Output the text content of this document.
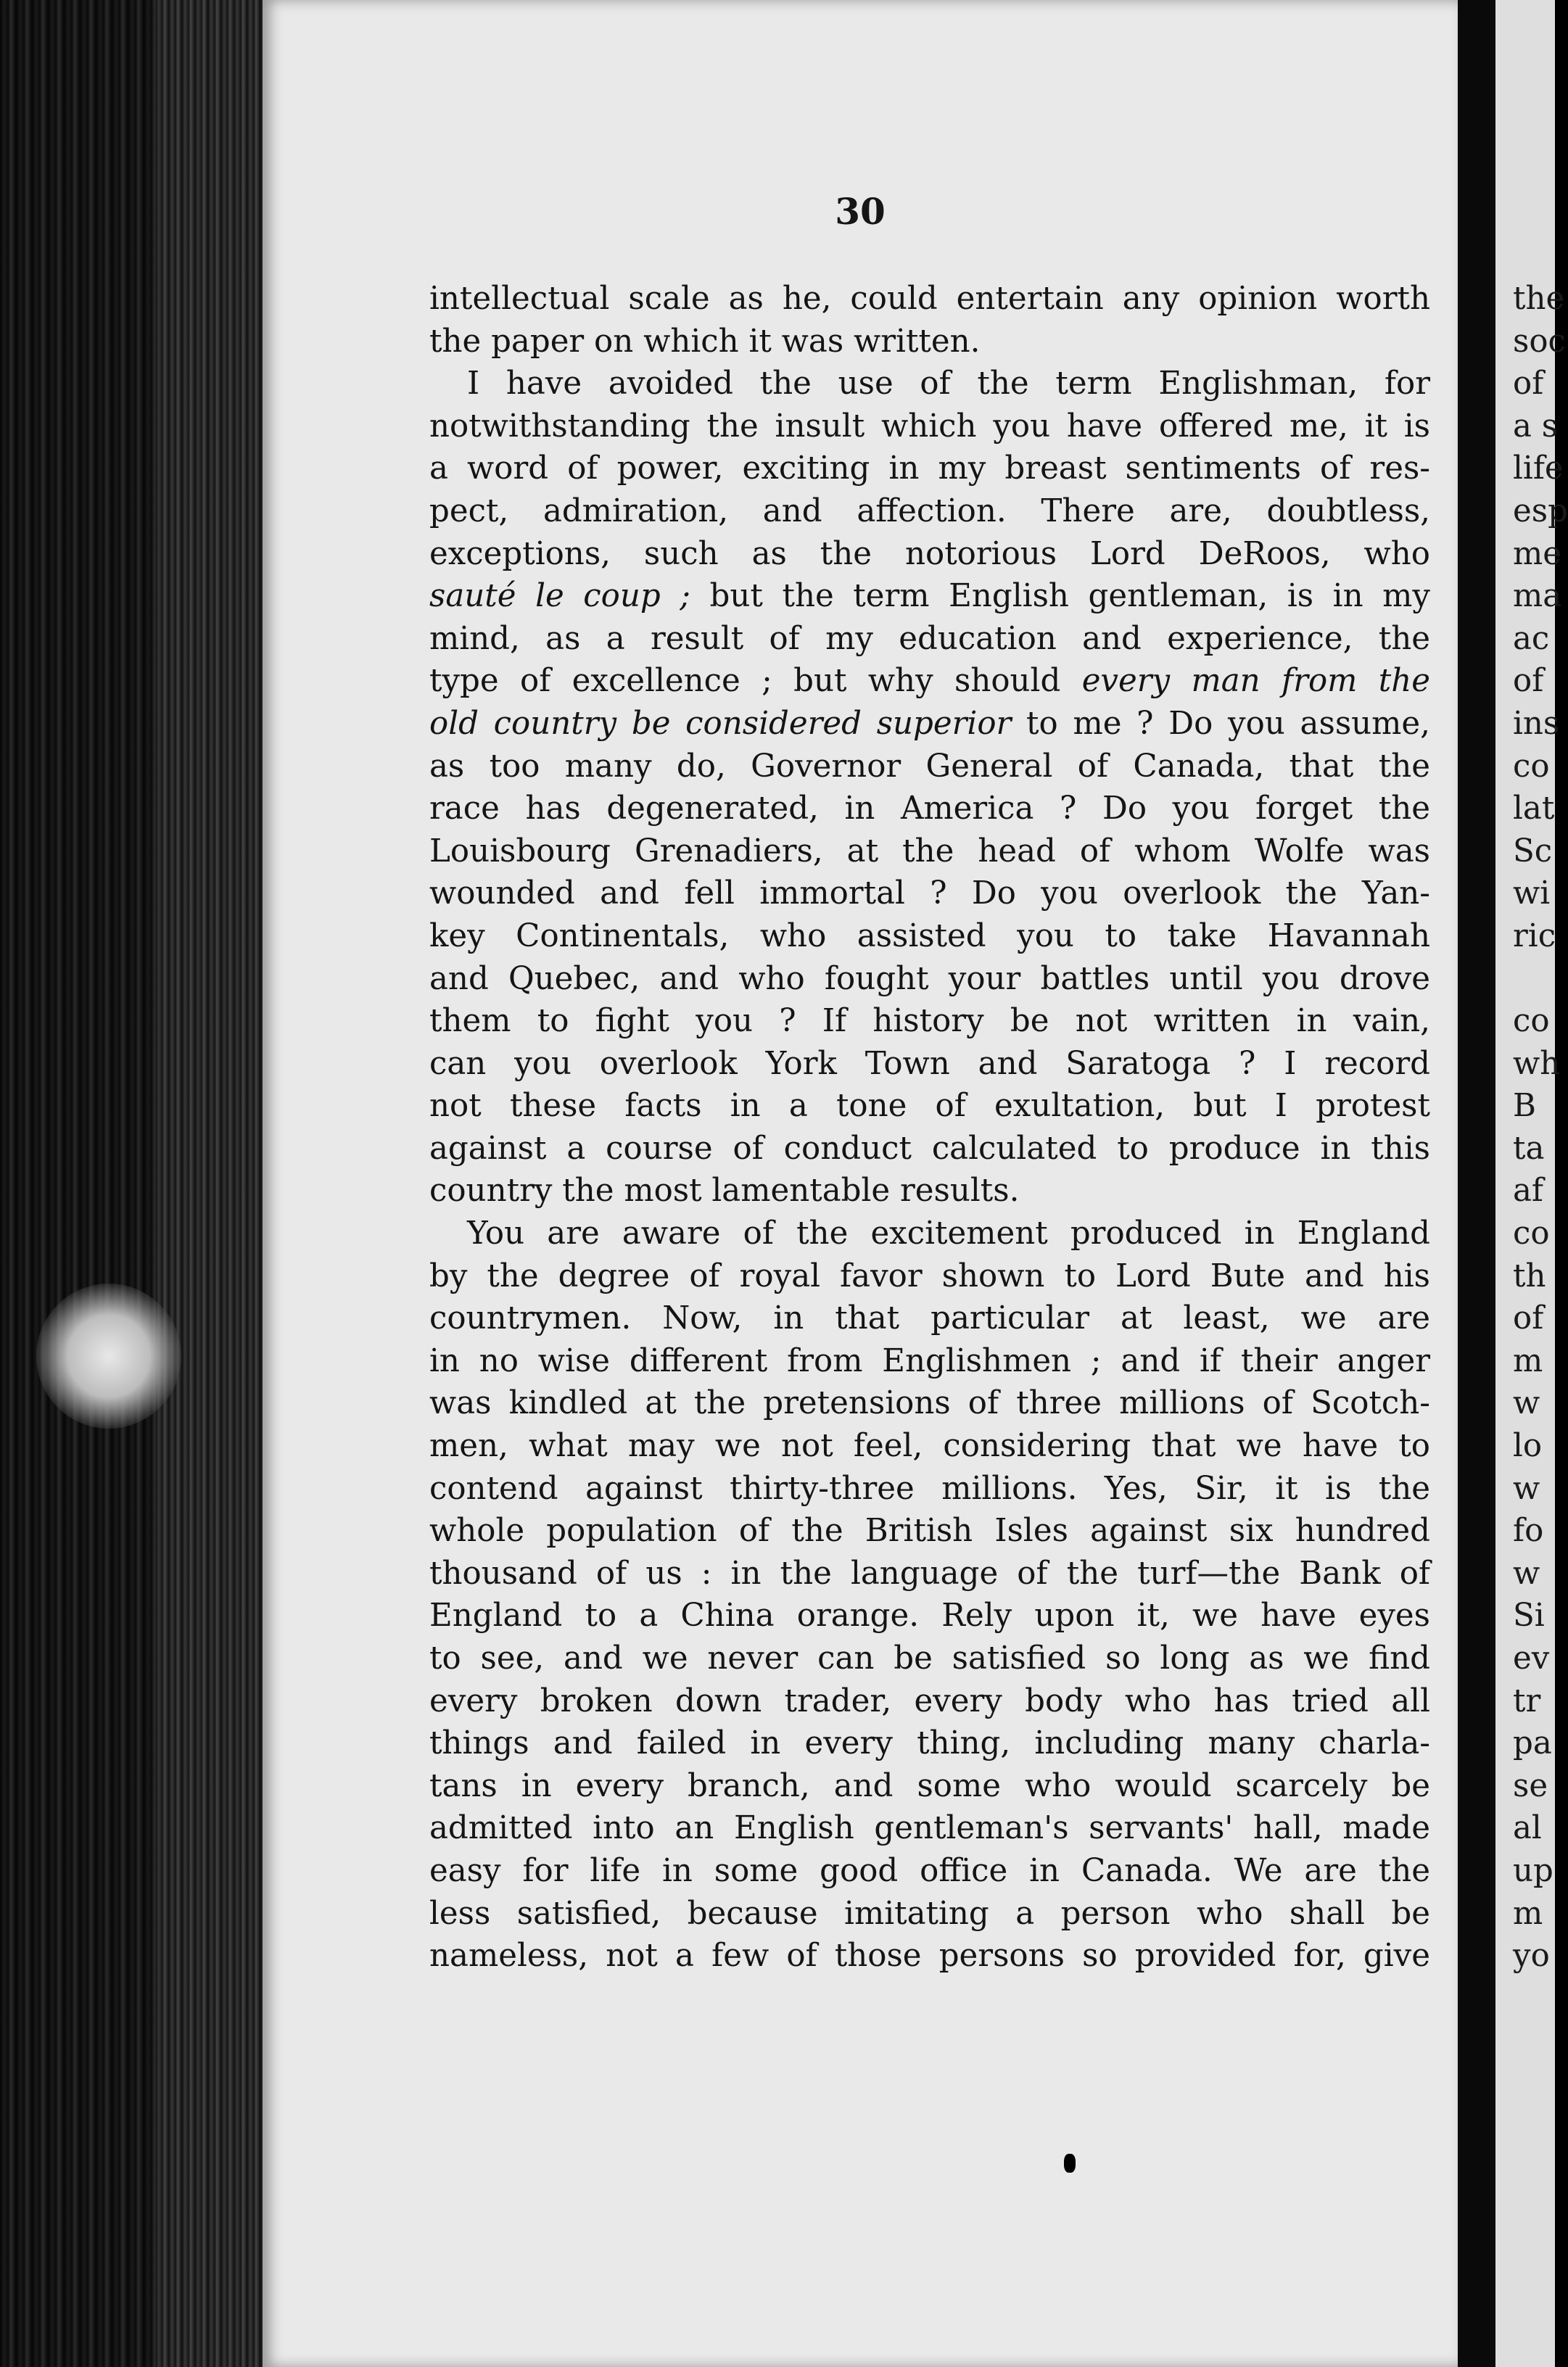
30
intellectual scale as he, could entertain any opinion worth
the paper on which it was written.
I have avoided the use of the term Englishman, for
notwithstanding the insult which you have offered me, it is
a word of power, exciting in my breast sentiments of res-
pect, admiration, and affection. There are, doubtless,
exceptions, such as the notorious Lord DeRoos, who
sauté le coup ; but the term English gentleman, is in my
mind, as a result of my education and experience, the
type of excellence ; but why should every man from the
old country be considered superior to me ? Do you assume,
as too many do, Governor General of Canada, that the
race has degenerated, in America ? Do you forget the
Louisbourg Grenadiers, at the head of whom Wolfe was
wounded and fell immortal ? Do you overlook the Yan-
key Continentals, who assisted you to take Havannah
and Quebec, and who fought your battles until you drove
them to fight you ? If history be not written in vain,
can you overlook York Town and Saratoga ? I record
not these facts in a tone of exultation, but I protest
against a course of conduct calculated to produce in this
country the most lamentable results.
You are aware of the excitement produced in England
by the degree of royal favor shown to Lord Bute and his
countrymen. Now, in that particular at least, we are
in no wise different from Englishmen ; and if their anger
was kindled at the pretensions of three millions of Scotch-
men, what may we not feel, considering that we have to
contend against thirty-three millions. Yes, Sir, it is the
whole population of the British Isles against six hundred
thousand of us : in the language of the turf—the Bank of
England to a China orange. Rely upon it, we have eyes
to see, and we never can be satisfied so long as we find
every broken down trader, every body who has tried all
things and failed in every thing, including many charla-
tans in every branch, and some who would scarcely be
admitted into an English gentleman's servants' hall, made
easy for life in some good office in Canada. We are the
less satisfied, because imitating a person who shall be
nameless, not a few of those persons so provided for, give
the
soc
of
a s
life
esp
me
ma
ac
of
ins
co
lat
Sc
wi
ric

co
wh
B
ta
af
co
th
of
m
w
lo
w
fo
w
Si
ev
tr
pa
se
al
up
m
yo
